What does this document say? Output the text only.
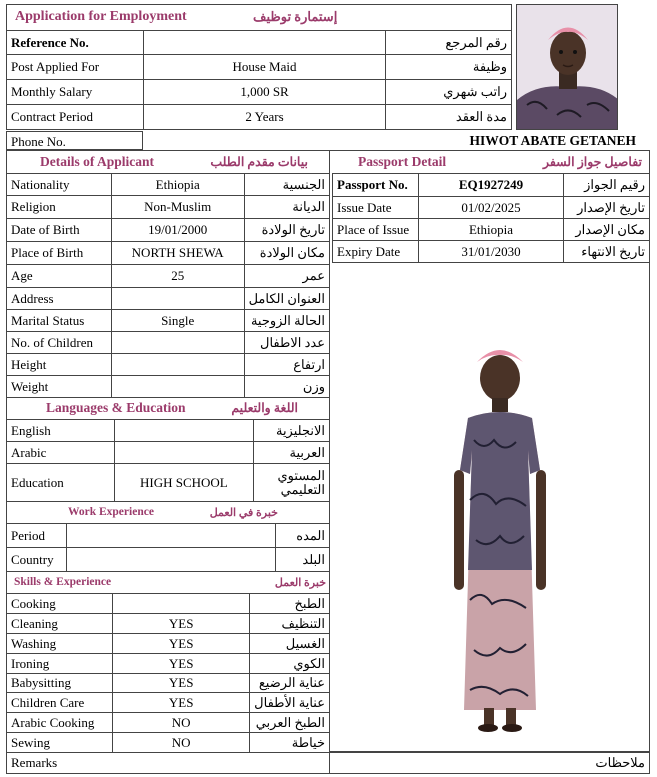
Application for Employment	إستمارة توظيف
Reference No.		رقم المرجع
Post Applied For	House Maid	وظيفة
Monthly Salary	1,000 SR	راتب شهري
Contract Period	2 Years	مدة العقد
Phone No.	HIWOT ABATE GETANEH
Details of Applicant	بيانات مقدم الطلب
Nationality	Ethiopia	الجنسية
Religion	Non-Muslim	الديانة
Date of Birth	19/01/2000	تاريخ الولادة
Place of Birth	NORTH SHEWA	مكان الولادة
Age	25	عمر
Address		العنوان الكامل
Marital Status	Single	الحالة الزوجية
No. of Children		عدد الاطفال
Height		ارتفاع
Weight		وزن
Languages & Education	اللغة والتعليم
English		الانجليزية
Arabic		العربية
Education	HIGH SCHOOL	المستوي التعليمي
Work Experience	خبرة في العمل
Period		المده
Country		البلد
Skills & Experience	خبرة العمل
Cooking		الطبخ
Cleaning	YES	التنظيف
Washing	YES	الغسيل
Ironing	YES	الكوي
Babysitting	YES	عناية الرضيع
Children Care	YES	عناية الأطفال
Arabic Cooking	NO	الطبخ العربي
Sewing	NO	خياطة
Passport Detail	تفاصيل جواز السفر
Passport No.	EQ1927249	رقيم الجواز
Issue Date	01/02/2025	تاريخ الإصدار
Place of Issue	Ethiopia	مكان الإصدار
Expiry Date	31/01/2030	تاريخ الانتهاء
Remarks	ملاحظات
